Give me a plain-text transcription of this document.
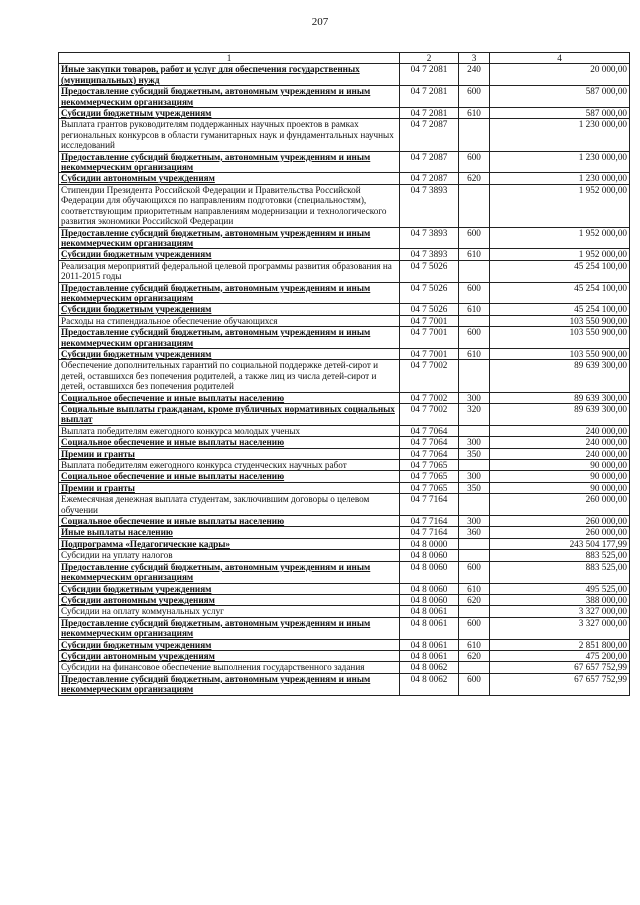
207
1	2	3	4
Иные закупки товаров, работ и услуг для обеспечения государственных (муниципальных) нужд	04 7 2081	240	20 000,00
Предоставление субсидий бюджетным, автономным учреждениям и иным некоммерческим организациям	04 7 2081	600	587 000,00
Субсидии бюджетным учреждениям	04 7 2081	610	587 000,00
Выплата грантов руководителям поддержанных научных проектов в рамках региональных конкурсов в области гуманитарных наук и фундаментальных научных исследований	04 7 2087		1 230 000,00
Предоставление субсидий бюджетным, автономным учреждениям и иным некоммерческим организациям	04 7 2087	600	1 230 000,00
Субсидии автономным учреждениям	04 7 2087	620	1 230 000,00
Стипендии Президента Российской Федерации и Правительства Российской Федерации для обучающихся по направлениям подготовки (специальностям), соответствующим приоритетным направлениям модернизации и технологического развития экономики Российской Федерации	04 7 3893		1 952 000,00
Предоставление субсидий бюджетным, автономным учреждениям и иным некоммерческим организациям	04 7 3893	600	1 952 000,00
Субсидии бюджетным учреждениям	04 7 3893	610	1 952 000,00
Реализация мероприятий федеральной целевой программы развития образования на 2011-2015 годы	04 7 5026		45 254 100,00
Предоставление субсидий бюджетным, автономным учреждениям и иным некоммерческим организациям	04 7 5026	600	45 254 100,00
Субсидии бюджетным учреждениям	04 7 5026	610	45 254 100,00
Расходы на стипендиальное обеспечение обучающихся	04 7 7001		103 550 900,00
Предоставление субсидий бюджетным, автономным учреждениям и иным некоммерческим организациям	04 7 7001	600	103 550 900,00
Субсидии бюджетным учреждениям	04 7 7001	610	103 550 900,00
Обеспечение дополнительных гарантий по социальной поддержке детей-сирот и детей, оставшихся без попечения родителей, а также лиц из числа детей-сирот и детей, оставшихся без попечения родителей	04 7 7002		89 639 300,00
Социальное обеспечение и иные выплаты населению	04 7 7002	300	89 639 300,00
Социальные выплаты гражданам, кроме публичных нормативных социальных выплат	04 7 7002	320	89 639 300,00
Выплата победителям ежегодного конкурса молодых ученых	04 7 7064		240 000,00
Социальное обеспечение и иные выплаты населению	04 7 7064	300	240 000,00
Премии и гранты	04 7 7064	350	240 000,00
Выплата победителям ежегодного конкурса студенческих научных работ	04 7 7065		90 000,00
Социальное обеспечение и иные выплаты населению	04 7 7065	300	90 000,00
Премии и гранты	04 7 7065	350	90 000,00
Ежемесячная денежная выплата студентам, заключившим договоры о целевом обучении	04 7 7164		260 000,00
Социальное обеспечение и иные выплаты населению	04 7 7164	300	260 000,00
Иные выплаты населению	04 7 7164	360	260 000,00
Подпрограмма «Педагогические кадры»	04 8 0000		243 504 177,99
Субсидии на уплату налогов	04 8 0060		883 525,00
Предоставление субсидий бюджетным, автономным учреждениям и иным некоммерческим организациям	04 8 0060	600	883 525,00
Субсидии бюджетным учреждениям	04 8 0060	610	495 525,00
Субсидии автономным учреждениям	04 8 0060	620	388 000,00
Субсидии на оплату коммунальных услуг	04 8 0061		3 327 000,00
Предоставление субсидий бюджетным, автономным учреждениям и иным некоммерческим организациям	04 8 0061	600	3 327 000,00
Субсидии бюджетным учреждениям	04 8 0061	610	2 851 800,00
Субсидии автономным учреждениям	04 8 0061	620	475 200,00
Субсидии на финансовое обеспечение выполнения государственного задания	04 8 0062		67 657 752,99
Предоставление субсидий бюджетным, автономным учреждениям и иным некоммерческим организациям	04 8 0062	600	67 657 752,99
